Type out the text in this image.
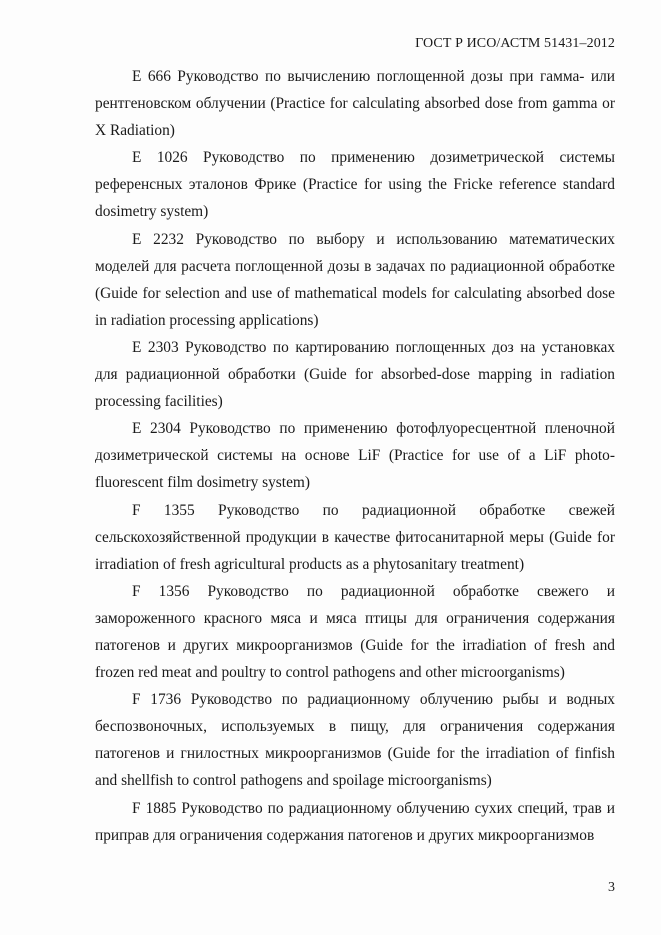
ГОСТ Р ИСО/АСТМ 51431–2012

E 666 Руководство по вычислению поглощенной дозы при гамма- или рентгеновском облучении (Practice for calculating absorbed dose from gamma or X Radiation)

E 1026 Руководство по применению дозиметрической системы референсных эталонов Фрике (Practice for using the Fricke reference standard dosimetry system)

E 2232 Руководство по выбору и использованию математических моделей для расчета поглощенной дозы в задачах по радиационной обработке (Guide for selection and use of mathematical models for calculating absorbed dose in radiation processing applications)

E 2303 Руководство по картированию поглощенных доз на установках для радиационной обработки (Guide for absorbed-dose mapping in radiation processing facilities)

E 2304 Руководство по применению фотофлуоресцентной пленочной дозиметрической системы на основе LiF (Practice for use of a LiF photo-fluorescent film dosimetry system)

F 1355 Руководство по радиационной обработке свежей сельскохозяйственной продукции в качестве фитосанитарной меры (Guide for irradiation of fresh agricultural products as a phytosanitary treatment)

F 1356 Руководство по радиационной обработке свежего и замороженного красного мяса и мяса птицы для ограничения содержания патогенов и других микроорганизмов (Guide for the irradiation of fresh and frozen red meat and poultry to control pathogens and other microorganisms)

F 1736 Руководство по радиационному облучению рыбы и водных беспозвоночных, используемых в пищу, для ограничения содержания патогенов и гнилостных микроорганизмов (Guide for the irradiation of finfish and shellfish to control pathogens and spoilage microorganisms)

F 1885 Руководство по радиационному облучению сухих специй, трав и приправ для ограничения содержания патогенов и других микроорганизмов

3
